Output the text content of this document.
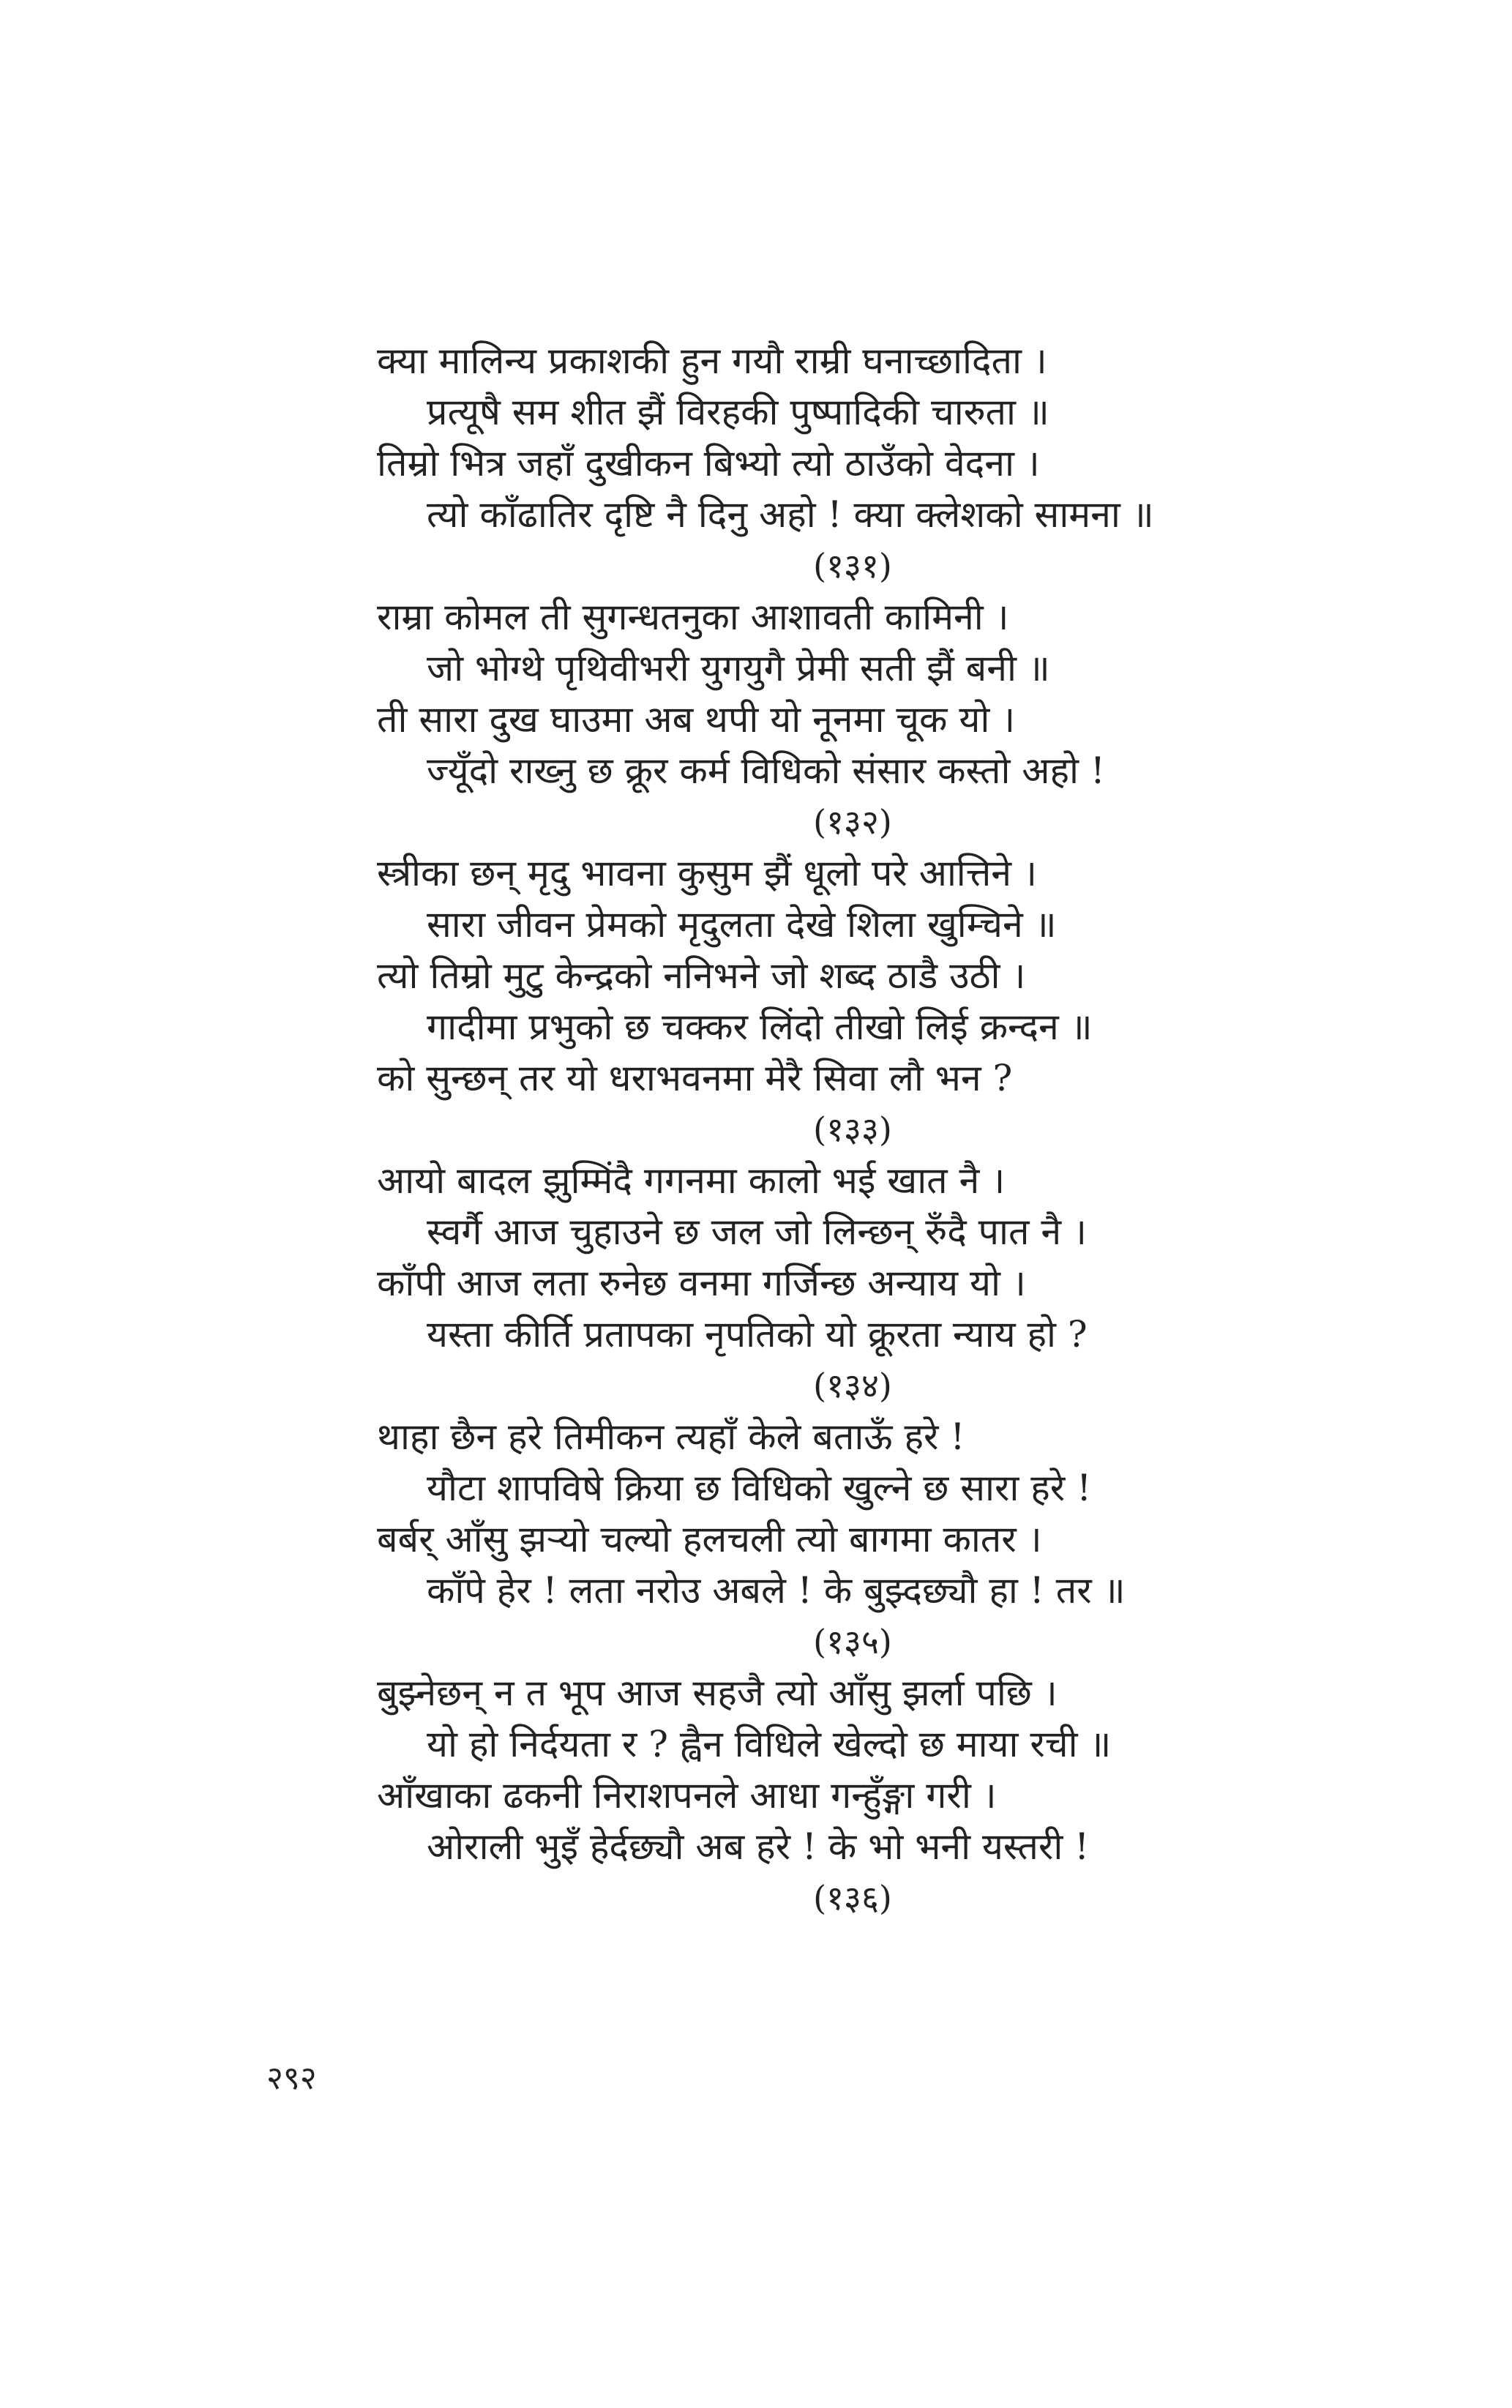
क्या मालिन्य प्रकाशकी हुन गयौ राम्री घनाच्छादिता ।
प्रत्यूषै सम शीत झैं विरहकी पुष्पादिकी चारुता ॥
तिम्रो भित्र जहाँ दुखीकन बिभ्यो त्यो ठाउँको वेदना ।
त्यो काँढातिर दृष्टि नै दिनु अहो ! क्या क्लेशको सामना ॥
(१३१)
राम्रा कोमल ती सुगन्धतनुका आशावती कामिनी ।
जो भोग्थे पृथिवीभरी युगयुगै प्रेमी सती झैं बनी ॥
ती सारा दुख घाउमा अब थपी यो नूनमा चूक यो ।
ज्यूँदो राख्नु छ क्रूर कर्म विधिको संसार कस्तो अहो !
(१३२)
स्त्रीका छन् मृदु भावना कुसुम झैं धूलो परे आत्तिने ।
सारा जीवन प्रेमको मृदुलता देखे शिला खुम्चिने ॥
त्यो तिम्रो मुटु केन्द्रको ननिभने जो शब्द ठाडै उठी ।
गादीमा प्रभुको छ चक्कर लिंदो तीखो लिई क्रन्दन ॥
को सुन्छन् तर यो धराभवनमा मेरै सिवा लौ भन ?
(१३३)
आयो बादल झुम्मिंदै गगनमा कालो भई खात नै ।
स्वर्गै आज चुहाउने छ जल जो लिन्छन् रुँदै पात नै ।
काँपी आज लता रुनेछ वनमा गर्जिन्छ अन्याय यो ।
यस्ता कीर्ति प्रतापका नृपतिको यो क्रूरता न्याय हो ?
(१३४)
थाहा छैन हरे तिमीकन त्यहाँ केले बताऊँ हरे !
यौटा शापविषे क्रिया छ विधिको खुल्ने छ सारा हरे !
बर्बर् आँसु झऱ्यो चल्यो हलचली त्यो बागमा कातर ।
काँपे हेर ! लता नरोउ अबले ! के बुझ्दछ्यौ हा ! तर ॥
(१३५)
बुझ्नेछन् न त भूप आज सहजै त्यो आँसु झर्ला पछि ।
यो हो निर्दयता र ? ह्वैन विधिले खेल्दो छ माया रची ॥
आँखाका ढकनी निराशपनले आधा गन्हुँङ्गा गरी ।
ओराली भुइँ हेर्दछ्यौ अब हरे ! के भो भनी यस्तरी !
(१३६)
२९२
